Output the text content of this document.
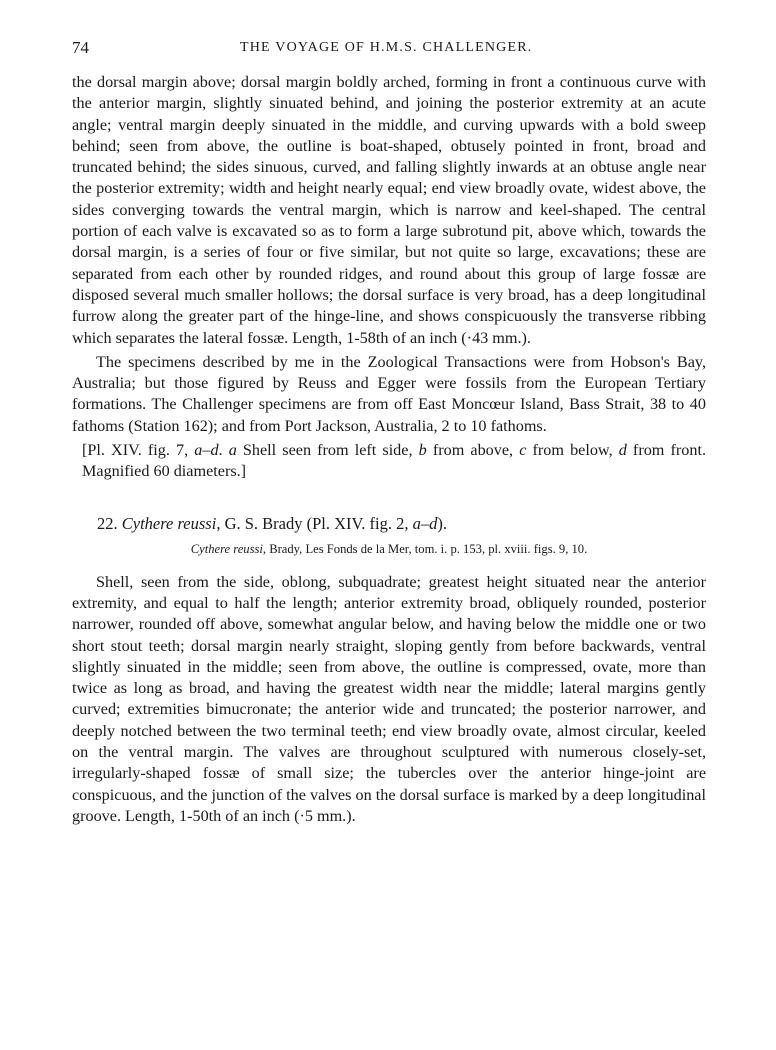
74	THE VOYAGE OF H.M.S. CHALLENGER.

the dorsal margin above; dorsal margin boldly arched, forming in front a continuous curve with the anterior margin, slightly sinuated behind, and joining the posterior extremity at an acute angle; ventral margin deeply sinuated in the middle, and curving upwards with a bold sweep behind; seen from above, the outline is boat-shaped, obtusely pointed in front, broad and truncated behind; the sides sinuous, curved, and falling slightly inwards at an obtuse angle near the posterior extremity; width and height nearly equal; end view broadly ovate, widest above, the sides converging towards the ventral margin, which is narrow and keel-shaped. The central portion of each valve is excavated so as to form a large subrotund pit, above which, towards the dorsal margin, is a series of four or five similar, but not quite so large, excavations; these are separated from each other by rounded ridges, and round about this group of large fossæ are disposed several much smaller hollows; the dorsal surface is very broad, has a deep longitudinal furrow along the greater part of the hinge-line, and shows conspicuously the transverse ribbing which separates the lateral fossæ. Length, 1-58th of an inch (·43 mm.).

The specimens described by me in the Zoological Transactions were from Hobson's Bay, Australia; but those figured by Reuss and Egger were fossils from the European Tertiary formations. The Challenger specimens are from off East Moncœur Island, Bass Strait, 38 to 40 fathoms (Station 162); and from Port Jackson, Australia, 2 to 10 fathoms.

[Pl. XIV. fig. 7, a–d. a Shell seen from left side, b from above, c from below, d from front. Magnified 60 diameters.]

22. Cythere reussi, G. S. Brady (Pl. XIV. fig. 2, a–d).

Cythere reussi, Brady, Les Fonds de la Mer, tom. i. p. 153, pl. xviii. figs. 9, 10.

Shell, seen from the side, oblong, subquadrate; greatest height situated near the anterior extremity, and equal to half the length; anterior extremity broad, obliquely rounded, posterior narrower, rounded off above, somewhat angular below, and having below the middle one or two short stout teeth; dorsal margin nearly straight, sloping gently from before backwards, ventral slightly sinuated in the middle; seen from above, the outline is compressed, ovate, more than twice as long as broad, and having the greatest width near the middle; lateral margins gently curved; extremities bimucronate; the anterior wide and truncated; the posterior narrower, and deeply notched between the two terminal teeth; end view broadly ovate, almost circular, keeled on the ventral margin. The valves are throughout sculptured with numerous closely-set, irregularly-shaped fossæ of small size; the tubercles over the anterior hinge-joint are conspicuous, and the junction of the valves on the dorsal surface is marked by a deep longitudinal groove. Length, 1-50th of an inch (·5 mm.).
